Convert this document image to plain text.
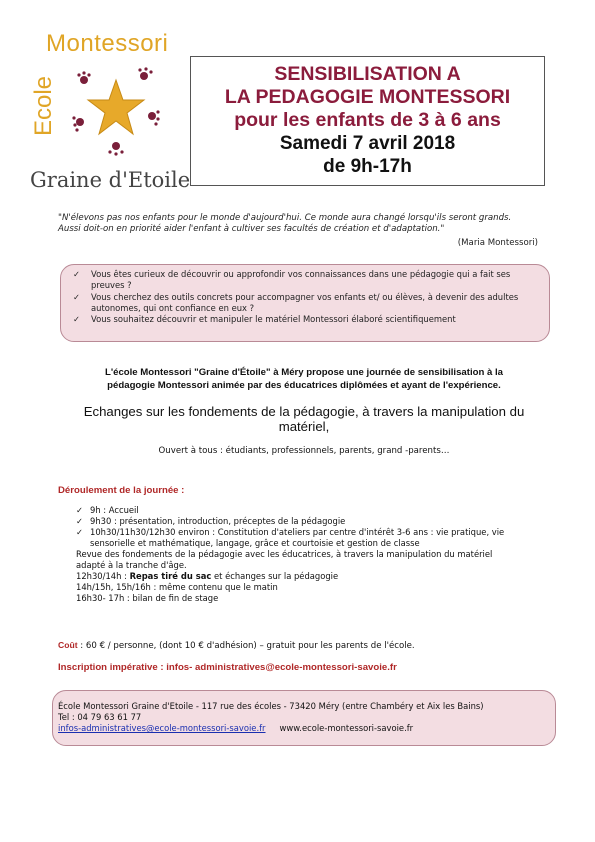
Montessori
Ecole
Graine d'Etoile
SENSIBILISATION A
LA PEDAGOGIE MONTESSORI
pour les enfants de 3 à 6 ans
Samedi 7 avril 2018
de 9h-17h
"N'élevons pas nos enfants pour le monde d'aujourd'hui. Ce monde aura changé lorsqu'ils seront grands.
Aussi doit-on en priorité aider l'enfant à cultiver ses facultés de création et d'adaptation."
(Maria Montessori)
✓ Vous êtes curieux de découvrir ou approfondir vos connaissances dans une pédagogie qui a fait ses preuves ?
✓ Vous cherchez des outils concrets pour accompagner vos enfants et/ ou élèves, à devenir des adultes autonomes, qui ont confiance en eux ?
✓ Vous souhaitez découvrir et manipuler le matériel Montessori élaboré scientifiquement
L'école Montessori "Graine d'Étoile" à Méry propose une journée de sensibilisation à la
pédagogie Montessori animée par des éducatrices diplômées et ayant de l'expérience.
Echanges sur les fondements de la pédagogie, à travers la manipulation du
matériel,
Ouvert à tous : étudiants, professionnels, parents, grand -parents…
Déroulement de la journée :
✓ 9h : Accueil
✓ 9h30 : présentation, introduction, préceptes de la pédagogie
✓ 10h30/11h30/12h30 environ : Constitution d'ateliers par centre d'intérêt 3-6 ans : vie pratique, vie sensorielle et mathématique, langage, grâce et courtoisie et gestion de classe
Revue des fondements de la pédagogie avec les éducatrices, à travers la manipulation du matériel
adapté à la tranche d'âge.
12h30/14h : Repas tiré du sac et échanges sur la pédagogie
14h/15h, 15h/16h : même contenu que le matin
16h30- 17h : bilan de fin de stage
Coût : 60 € / personne, (dont 10 € d'adhésion) – gratuit pour les parents de l'école.
Inscription impérative : infos- administratives@ecole-montessori-savoie.fr
École Montessori Graine d'Etoile - 117 rue des écoles - 73420 Méry (entre Chambéry et Aix les Bains)
Tel : 04 79 63 61 77
infos-administratives@ecole-montessori-savoie.fr www.ecole-montessori-savoie.fr
